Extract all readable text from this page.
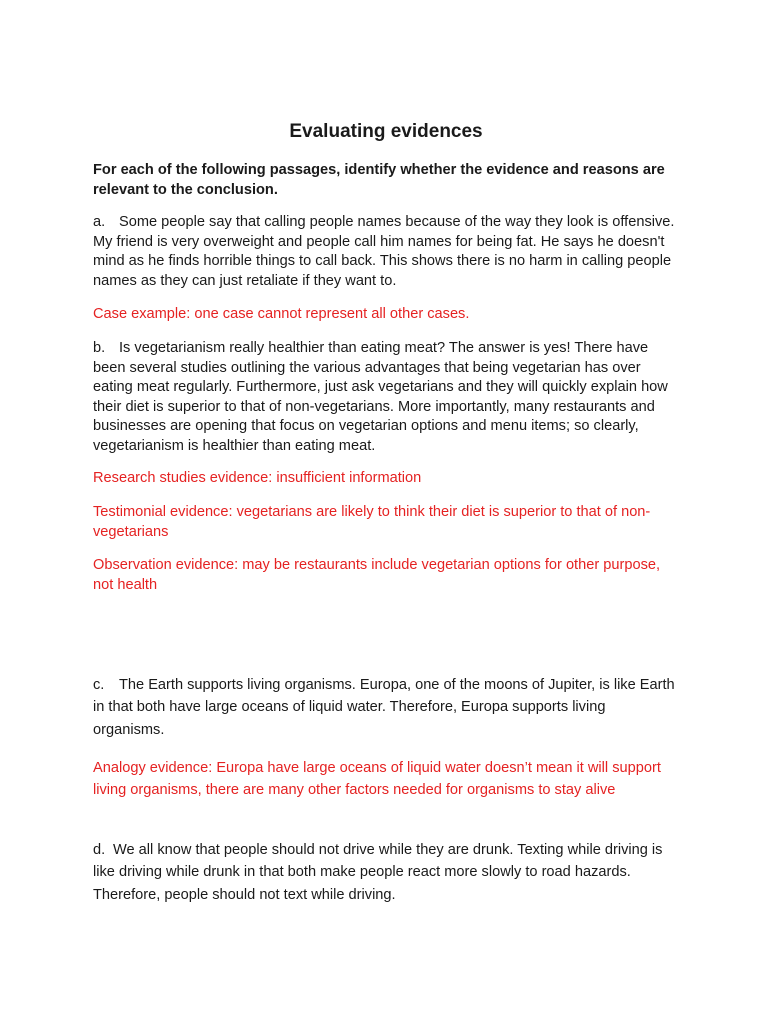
Evaluating evidences

For each of the following passages, identify whether the evidence and reasons are relevant to the conclusion.

a. Some people say that calling people names because of the way they look is offensive. My friend is very overweight and people call him names for being fat. He says he doesn't mind as he finds horrible things to call back. This shows there is no harm in calling people names as they can just retaliate if they want to.

Case example: one case cannot represent all other cases.

b. Is vegetarianism really healthier than eating meat? The answer is yes! There have been several studies outlining the various advantages that being vegetarian has over eating meat regularly. Furthermore, just ask vegetarians and they will quickly explain how their diet is superior to that of non-vegetarians. More importantly, many restaurants and businesses are opening that focus on vegetarian options and menu items; so clearly, vegetarianism is healthier than eating meat.

Research studies evidence: insufficient information

Testimonial evidence: vegetarians are likely to think their diet is superior to that of non-vegetarians

Observation evidence: may be restaurants include vegetarian options for other purpose, not health

c. The Earth supports living organisms. Europa, one of the moons of Jupiter, is like Earth in that both have large oceans of liquid water. Therefore, Europa supports living organisms.

Analogy evidence: Europa have large oceans of liquid water doesn’t mean it will support living organisms, there are many other factors needed for organisms to stay alive

d. We all know that people should not drive while they are drunk. Texting while driving is like driving while drunk in that both make people react more slowly to road hazards. Therefore, people should not text while driving.
